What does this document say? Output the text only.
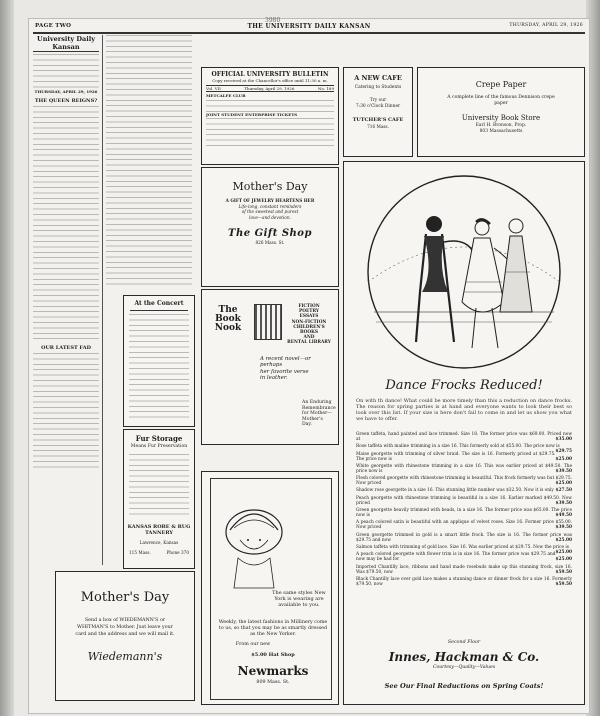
PAGE TWO	THE UNIVERSITY DAILY KANSAN	THURSDAY, APRIL 29, 1926
3980
University Daily Kansan
THURSDAY, APRIL 29, 1926
THE QUEEN REIGNS?
OUR LATEST FAD
At the Concert
Fur Storage
Means Fur Preservation
KANSAS ROBE & RUG TANNERY
Lawrence, Kansas
115 Mass.	Phone 370
Mother's Day
Send a box of WIEDEMANN'S or
WHITMAN'S to Mother. Just leave your
card and the address and we will mail it.
Wiedemann's
OFFICIAL UNIVERSITY BULLETIN
Copy received at the Chancellor's office until 11:30 a. m.
Vol. VII	Thursday, April 29, 1926	No. 189
METCALFE CLUB
JOINT STUDENT ENTERPRISE TICKETS
Mother's Day
A GIFT OF JEWELRY HEARTENS HER
Life-long, constant reminders
of the sweetest and purest
love—and devotion.
The Gift Shop
826 Mass. St.
The
Book
Nook
FICTION
POETRY
ESSAYS
NON-FICTION
CHILDREN'S BOOKS
AND
RENTAL LIBRARY
A recent novel—or perhaps
her favorite verse
in leather.
An Enduring Remembrance for Mother—Mother's Day.
The same styles New York is wearing are available to you.
Weekly, the latest fashions in Millinery come to us, so that you may be as smartly dressed as the New Yorker.
From our new
$5.00 Hat Shop
Newmarks
809 Mass. St.
A NEW CAFE
Catering to Students
Try our
7:30 o'Clock Dinner
TUTCHER'S CAFE
716 Mass.
Crepe Paper
A complete line of the famous Dennison crepe paper
University Book Store
Earl H. Bronson, Prop.
803 Massachusetts
Dance Frocks Reduced!
On with th dance! What could be more timely than this a reduction on dance frocks. The reason for spring parties is at hand and everyone wants to look their best so look over this list. If your size is here don't fail to come in and let us show you what we have to offer.
Green taffeta, hand painted and lace trimmed. Size 18. The former price was $69.00. Priced now at	$35.00
Rose taffeta with maline trimming in a size 16. This formerly sold at $55.00. The price now is
$29.75
Maise georgette with trimming of silver braid. The size is 16. Formerly priced at $29.75. The price now is	$25.00
White georgette with rhinestone trimming in a size 16. This was earlier priced at $49.50. The price now is	$39.50
Flesh colored georgette with rhinestone trimming is beautiful. This frock formerly was but $29.75. Now priced	$25.00
Shadow rose georgette in a size 16. This stunning little number was $32.50. Now it is only $27.50
Peach georgette with rhinestone trimming is beautiful in a size 16. Earlier marked $49.50. Now priced	$39.50
Green georgette heavily trimmed with beads, in a size 16. The former price was $65.00. The price now is	$49.50
A peach colored satin is beautiful with an applique of velvet roses. Size 16. Former price $55.00. Now priced	$39.50
Green georgette trimmed in gold is a smart little frock. The size is 16. The former price was $29.75 and now	$25.00
Salmon taffeta with trimming of gold lace. Size 16. Was earlier priced at $29.75. Now the price is
$25.00
A peach colored georgette with flower trim is in size 16. The former price was $29.75 and now may be had for	$25.00
Imported Chantilly lace, ribbons and hand made rosebuds make up this stunning frock, size 16. Was $79.50, now	$59.50
Black Chantilly lace over gold lace makes a stunning dance or dinner frock for a size 16. Formerly $79.50, now	$59.50
Second Floor
Innes, Hackman & Co.
Courtesy—Quality—Values
See Our Final Reductions on Spring Coats!
